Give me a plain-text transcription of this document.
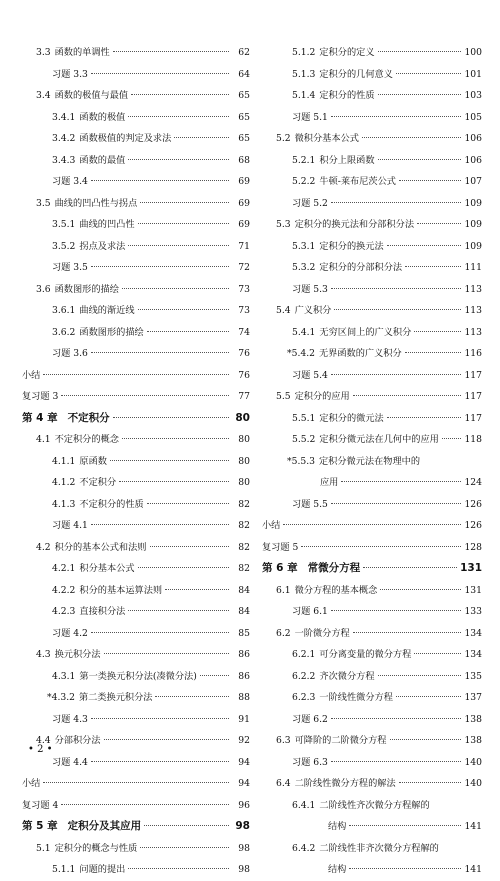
3.3 函数的单调性	62
习题 3.3	64
3.4 函数的极值与最值	65
3.4.1 函数的极值	65
3.4.2 函数极值的判定及求法	65
3.4.3 函数的最值	68
习题 3.4	69
3.5 曲线的凹凸性与拐点	69
3.5.1 曲线的凹凸性	69
3.5.2 拐点及求法	71
习题 3.5	72
3.6 函数图形的描绘	73
3.6.1 曲线的渐近线	73
3.6.2 函数图形的描绘	74
习题 3.6	76
小结	76
复习题 3	77
第 4 章 不定积分	80
4.1 不定积分的概念	80
4.1.1 原函数	80
4.1.2 不定积分	80
4.1.3 不定积分的性质	82
习题 4.1	82
4.2 积分的基本公式和法则	82
4.2.1 积分基本公式	82
4.2.2 积分的基本运算法则	84
4.2.3 直接积分法	84
习题 4.2	85
4.3 换元积分法	86
4.3.1 第一类换元积分法(凑微分法)	86
*4.3.2 第二类换元积分法	88
习题 4.3	91
4.4 分部积分法	92
习题 4.4	94
小结	94
复习题 4	96
第 5 章 定积分及其应用	98
5.1 定积分的概念与性质	98
5.1.1 问题的提出	98
5.1.2 定积分的定义	100
5.1.3 定积分的几何意义	101
5.1.4 定积分的性质	103
习题 5.1	105
5.2 微积分基本公式	106
5.2.1 积分上限函数	106
5.2.2 牛顿-莱布尼茨公式	107
习题 5.2	109
5.3 定积分的换元法和分部积分法	109
5.3.1 定积分的换元法	109
5.3.2 定积分的分部积分法	111
习题 5.3	113
5.4 广义积分	113
5.4.1 无穷区间上的广义积分	113
*5.4.2 无界函数的广义积分	116
习题 5.4	117
5.5 定积分的应用	117
5.5.1 定积分的微元法	117
5.5.2 定积分微元法在几何中的应用	118
*5.5.3 定积分微元法在物理中的
应用	124
习题 5.5	126
小结	126
复习题 5	128
第 6 章 常微分方程	131
6.1 微分方程的基本概念	131
习题 6.1	133
6.2 一阶微分方程	134
6.2.1 可分离变量的微分方程	134
6.2.2 齐次微分方程	135
6.2.3 一阶线性微分方程	137
习题 6.2	138
6.3 可降阶的二阶微分方程	138
习题 6.3	140
6.4 二阶线性微分方程的解法	140
6.4.1 二阶线性齐次微分方程解的
结构	141
6.4.2 二阶线性非齐次微分方程解的
结构	141
• 2 •
